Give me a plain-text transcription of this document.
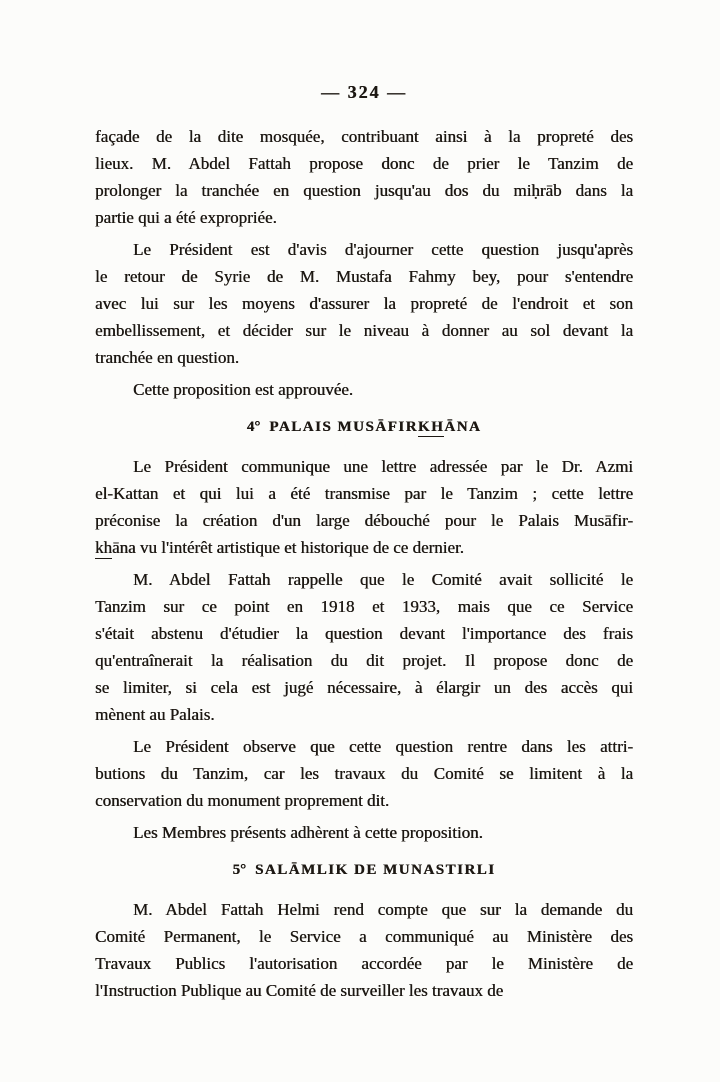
— 324 —
façade de la dite mosquée, contribuant ainsi à la propreté des
lieux. M. Abdel Fattah propose donc de prier le Tanzim de
prolonger la tranchée en question jusqu'au dos du miḥrāb dans la
partie qui a été expropriée.
Le Président est d'avis d'ajourner cette question jusqu'après
le retour de Syrie de M. Mustafa Fahmy bey, pour s'entendre
avec lui sur les moyens d'assurer la propreté de l'endroit et son
embellissement, et décider sur le niveau à donner au sol devant la
tranchée en question.
Cette proposition est approuvée.
4° PALAIS MUSĀFIRKHĀNA
Le Président communique une lettre adressée par le Dr. Azmi
el-Kattan et qui lui a été transmise par le Tanzim ; cette lettre
préconise la création d'un large débouché pour le Palais Musāfir-
khāna vu l'intérêt artistique et historique de ce dernier.
M. Abdel Fattah rappelle que le Comité avait sollicité le
Tanzim sur ce point en 1918 et 1933, mais que ce Service
s'était abstenu d'étudier la question devant l'importance des frais
qu'entraînerait la réalisation du dit projet. Il propose donc de
se limiter, si cela est jugé nécessaire, à élargir un des accès qui
mènent au Palais.
Le Président observe que cette question rentre dans les attri-
butions du Tanzim, car les travaux du Comité se limitent à la
conservation du monument proprement dit.
Les Membres présents adhèrent à cette proposition.
5° SALĀMLIK DE MUNASTIRLI
M. Abdel Fattah Helmi rend compte que sur la demande du
Comité Permanent, le Service a communiqué au Ministère des
Travaux Publics l'autorisation accordée par le Ministère de
l'Instruction Publique au Comité de surveiller les travaux de
